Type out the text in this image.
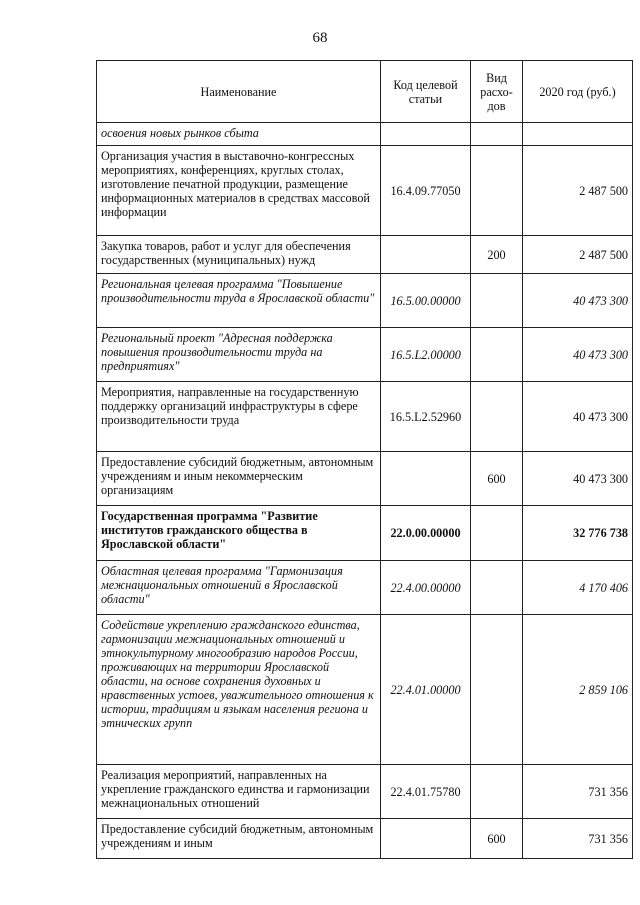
68
Наименование	Код целевой статьи	Вид расхо-дов	2020 год (руб.)

освоения новых рынков сбыта			

Организация участия в выставочно-конгрессных мероприятиях, конференциях, круглых столах, изготовление печатной продукции, размещение информационных материалов в средствах массовой информации	16.4.09.77050		2 487 500

Закупка товаров, работ и услуг для обеспечения государственных (муниципальных) нужд		200	2 487 500

Региональная целевая программа "Повышение производительности труда в Ярославской области"	16.5.00.00000		40 473 300

Региональный проект "Адресная поддержка повышения производительности труда на предприятиях"	16.5.L2.00000		40 473 300

Мероприятия, направленные на государственную поддержку организаций инфраструктуры в сфере производительности труда	16.5.L2.52960		40 473 300

Предоставление субсидий бюджетным, автономным учреждениям и иным некоммерческим организациям		600	40 473 300

Государственная программа "Развитие институтов гражданского общества в Ярославской области"	22.0.00.00000		32 776 738

Областная целевая программа "Гармонизация межнациональных отношений в Ярославской области"	22.4.00.00000		4 170 406

Содействие укреплению гражданского единства, гармонизации межнациональных отношений и этнокультурному многообразию народов России, проживающих на территории Ярославской области, на основе сохранения духовных и нравственных устоев, уважительного отношения к истории, традициям и языкам населения региона и этнических групп	22.4.01.00000		2 859 106

Реализация мероприятий, направленных на укрепление гражданского единства и гармонизации межнациональных отношений	22.4.01.75780		731 356

Предоставление субсидий бюджетным, автономным учреждениям и иным		600	731 356
